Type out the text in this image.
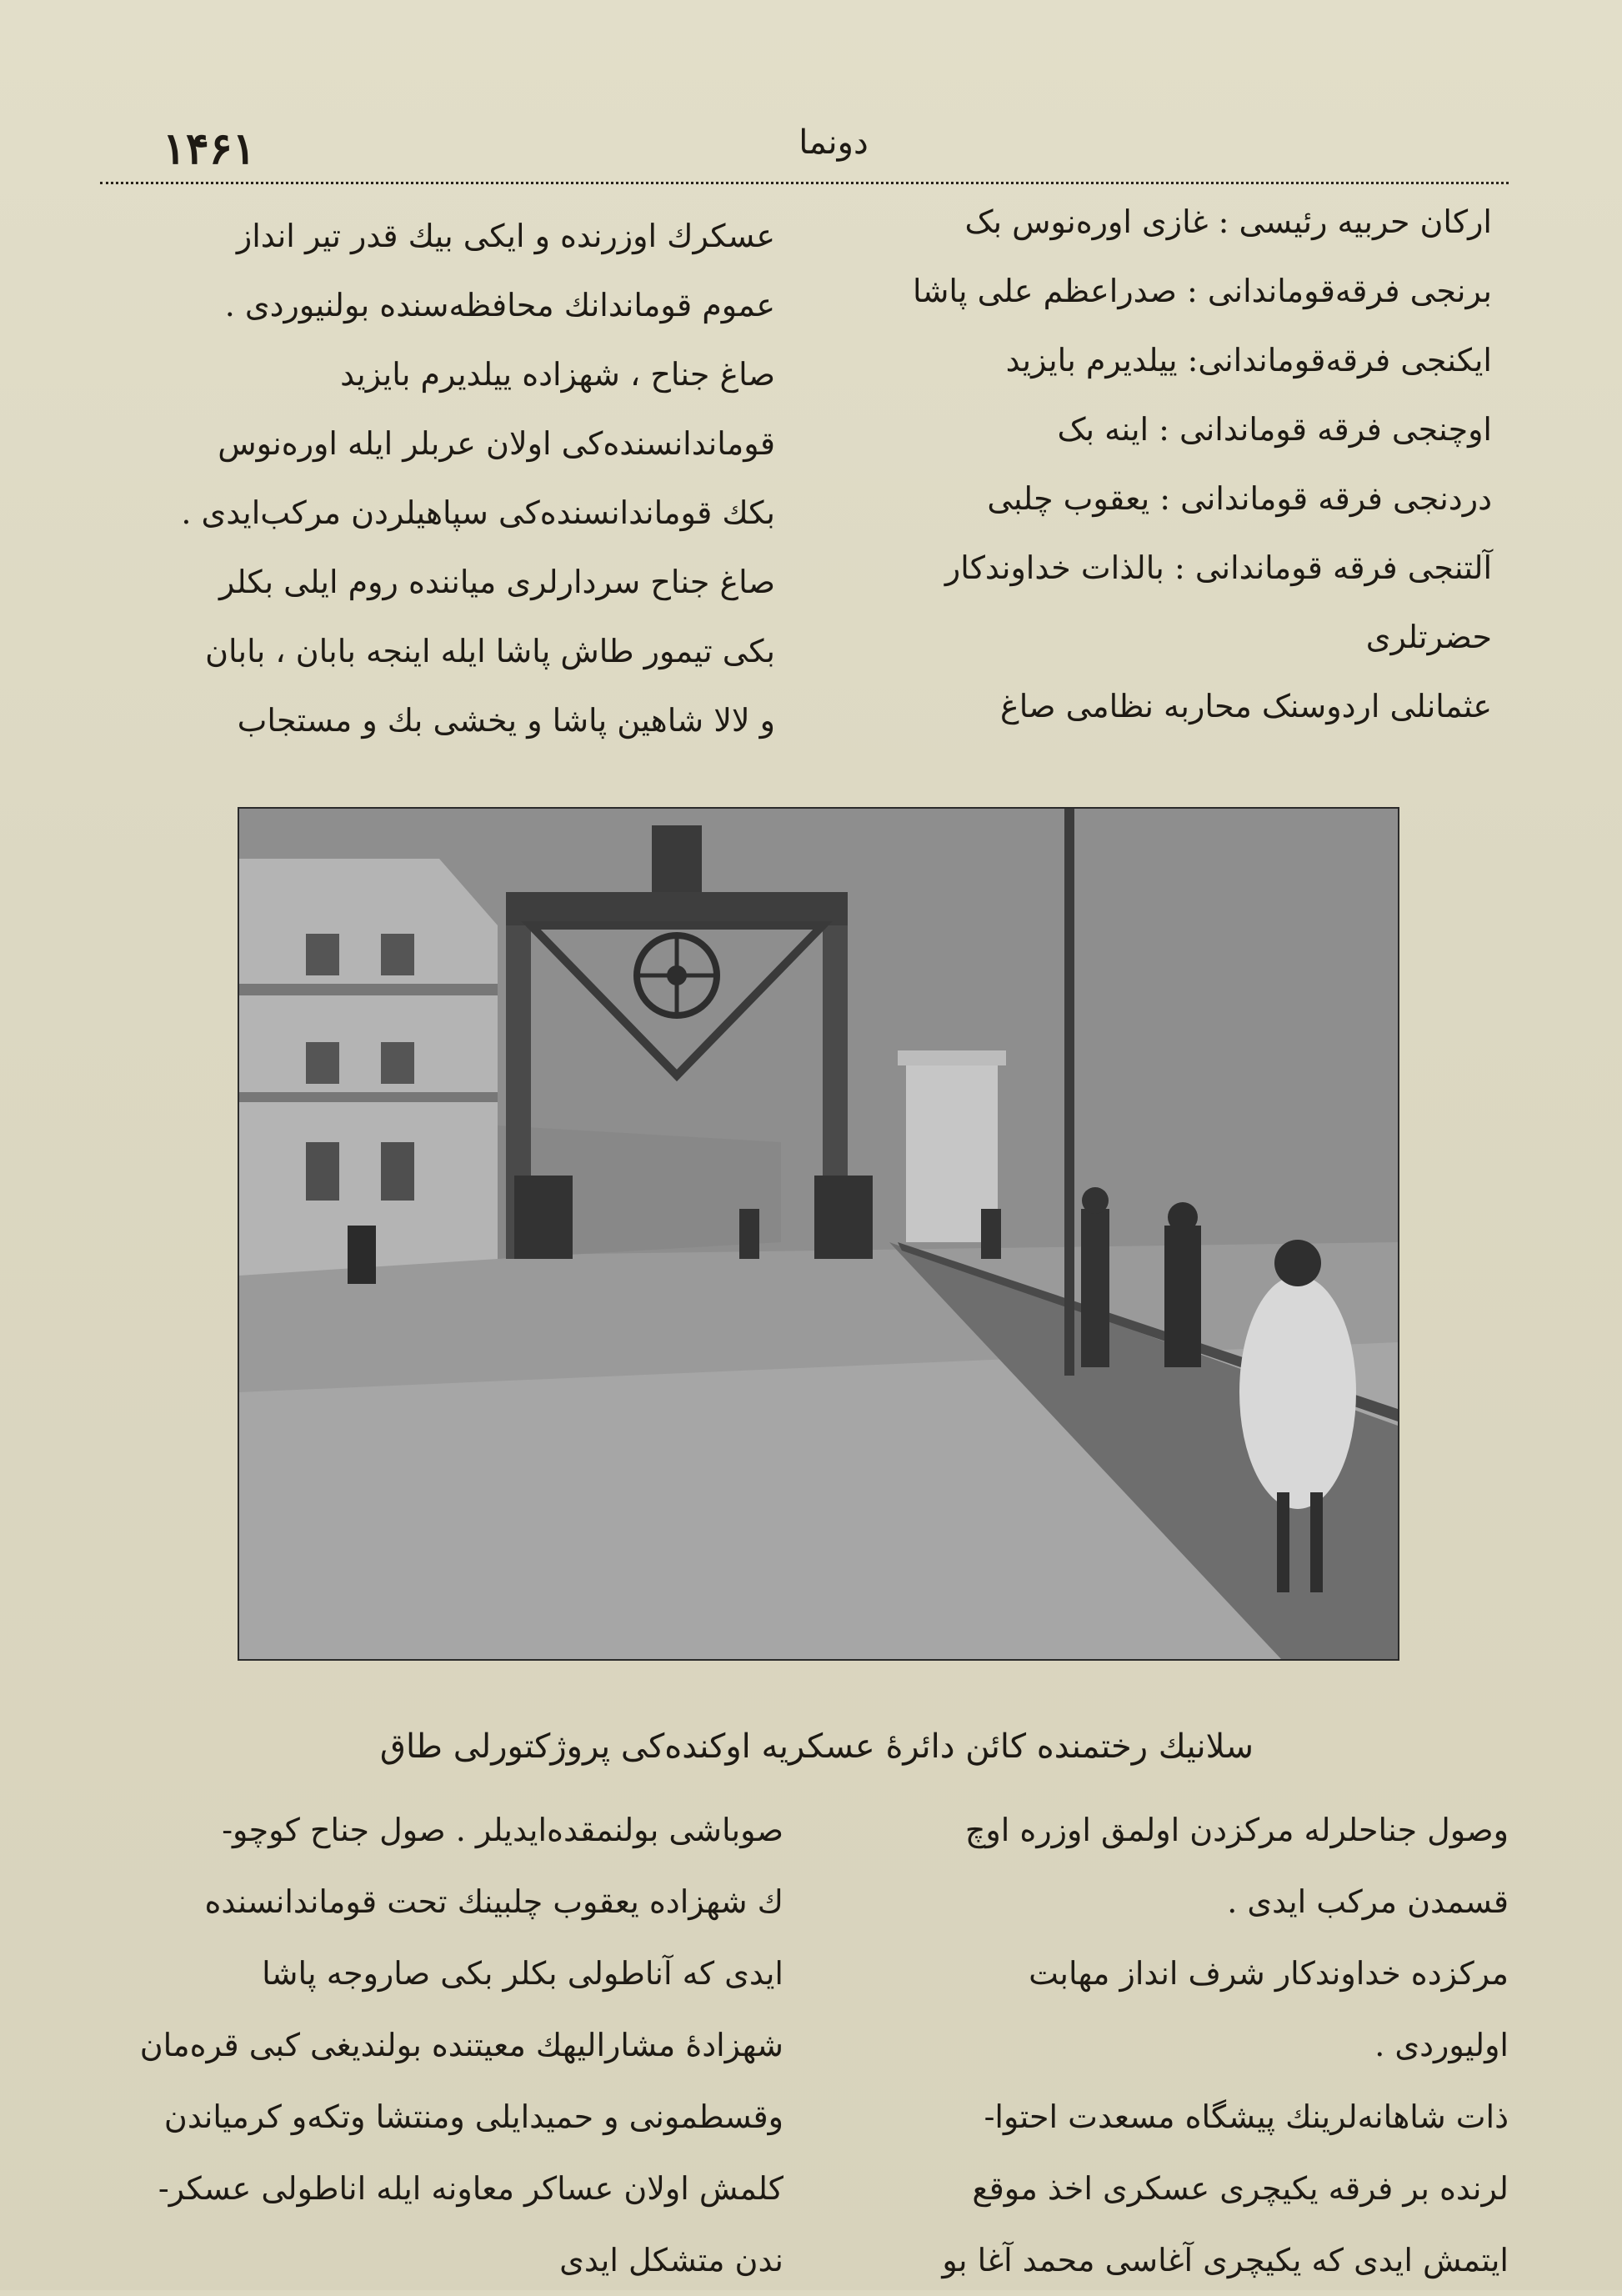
۱۴۶۱	دونما
ارکان حربیه رئیسی : غازی اوره‌نوس بک
برنجی فرقه‌قوماندانی : صدراعظم علی پاشا
ایکنجی فرقه‌قوماندانی: ییلدیرم بایزید
اوچنجی فرقه قوماندانی : اینه بک
دردنجی فرقه قوماندانی : یعقوب چلبی
آلتنجی فرقه قوماندانی : بالذات خداوندکار
حضرتلری
عثمانلی اردوسنک محاربه نظامی صاغ
عسکرك اوزرنده و ایکی بیك قدر تیر انداز
عموم قوماندانك محافظه‌سنده بولنیوردی .
صاغ جناح ، شهزاده ییلدیرم بایزید
قوماندانسنده‌کی اولان عربلر ایله اوره‌نوس
بکك قوماندانسنده‌کی سپاهیلردن مرکب‌ایدی .
صاغ جناح سردارلری میاننده روم ایلی بکلر
بکی تیمور طاش پاشا ایله اینجه بابان ، بابان
و لالا شاهین پاشا و یخشی بك و مستجاب
سلانیك رختمنده کائن دائرهٔ عسکریه اوکنده‌کی پروژکتورلی طاق
وصول جناحلرله مرکزدن اولمق اوزره اوچ
قسمدن مرکب ایدی .
مرکزده خداوندکار شرف انداز مهابت
اولیوردی .
ذات شاهانه‌لرینك پیشگاه مسعدت احتوا-
لرنده بر فرقه یکیچری عسکری اخذ موقع
ایتمش ایدی که یکیچری آغاسی محمد آغا بو
صوباشی بولنمقده‌ایدیلر . صول جناح کوچو-
ك شهزاده یعقوب چلبینك تحت قوماندانسنده
ایدی که آناطولی بکلر بکی صاروجه پاشا
شهزادهٔ مشارالیهك معیتنده بولندیغی کبی قرەمان
وقسطمونی و حمیدایلی ومنتشا وتکه‌و کرمیاندن
کلمش اولان عساکر معاونه ایله اناطولی عسکر-
ندن متشکل ایدی
